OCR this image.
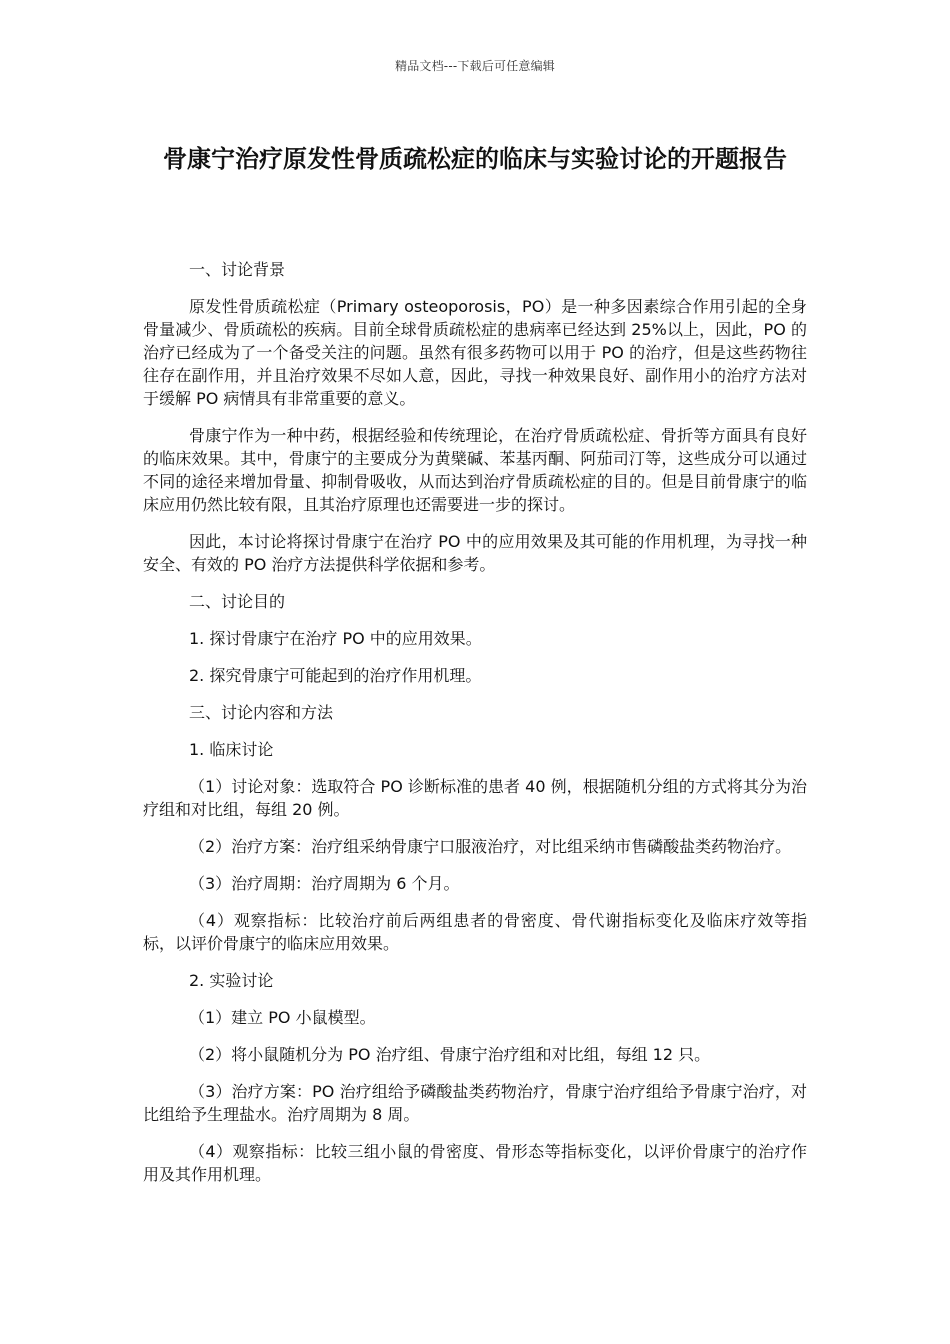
精品文档---下载后可任意编辑
骨康宁治疗原发性骨质疏松症的临床与实验讨论的开题报告

一、讨论背景

原发性骨质疏松症（Primary osteoporosis，PO）是一种多因素综合作用引起的全身骨量减少、骨质疏松的疾病。目前全球骨质疏松症的患病率已经达到 25%以上，因此，PO 的治疗已经成为了一个备受关注的问题。虽然有很多药物可以用于 PO 的治疗，但是这些药物往往存在副作用，并且治疗效果不尽如人意，因此，寻找一种效果良好、副作用小的治疗方法对于缓解 PO 病情具有非常重要的意义。

骨康宁作为一种中药，根据经验和传统理论，在治疗骨质疏松症、骨折等方面具有良好的临床效果。其中，骨康宁的主要成分为黄檗碱、苯基丙酮、阿茄司汀等，这些成分可以通过不同的途径来增加骨量、抑制骨吸收，从而达到治疗骨质疏松症的目的。但是目前骨康宁的临床应用仍然比较有限，且其治疗原理也还需要进一步的探讨。

因此，本讨论将探讨骨康宁在治疗 PO 中的应用效果及其可能的作用机理，为寻找一种安全、有效的 PO 治疗方法提供科学依据和参考。

二、讨论目的

1. 探讨骨康宁在治疗 PO 中的应用效果。

2. 探究骨康宁可能起到的治疗作用机理。

三、讨论内容和方法

1. 临床讨论

（1）讨论对象：选取符合 PO 诊断标准的患者 40 例，根据随机分组的方式将其分为治疗组和对比组，每组 20 例。

（2）治疗方案：治疗组采纳骨康宁口服液治疗，对比组采纳市售磷酸盐类药物治疗。

（3）治疗周期：治疗周期为 6 个月。

（4）观察指标：比较治疗前后两组患者的骨密度、骨代谢指标变化及临床疗效等指标，以评价骨康宁的临床应用效果。

2. 实验讨论

（1）建立 PO 小鼠模型。

（2）将小鼠随机分为 PO 治疗组、骨康宁治疗组和对比组，每组 12 只。

（3）治疗方案：PO 治疗组给予磷酸盐类药物治疗，骨康宁治疗组给予骨康宁治疗，对比组给予生理盐水。治疗周期为 8 周。

（4）观察指标：比较三组小鼠的骨密度、骨形态等指标变化，以评价骨康宁的治疗作用及其作用机理。
